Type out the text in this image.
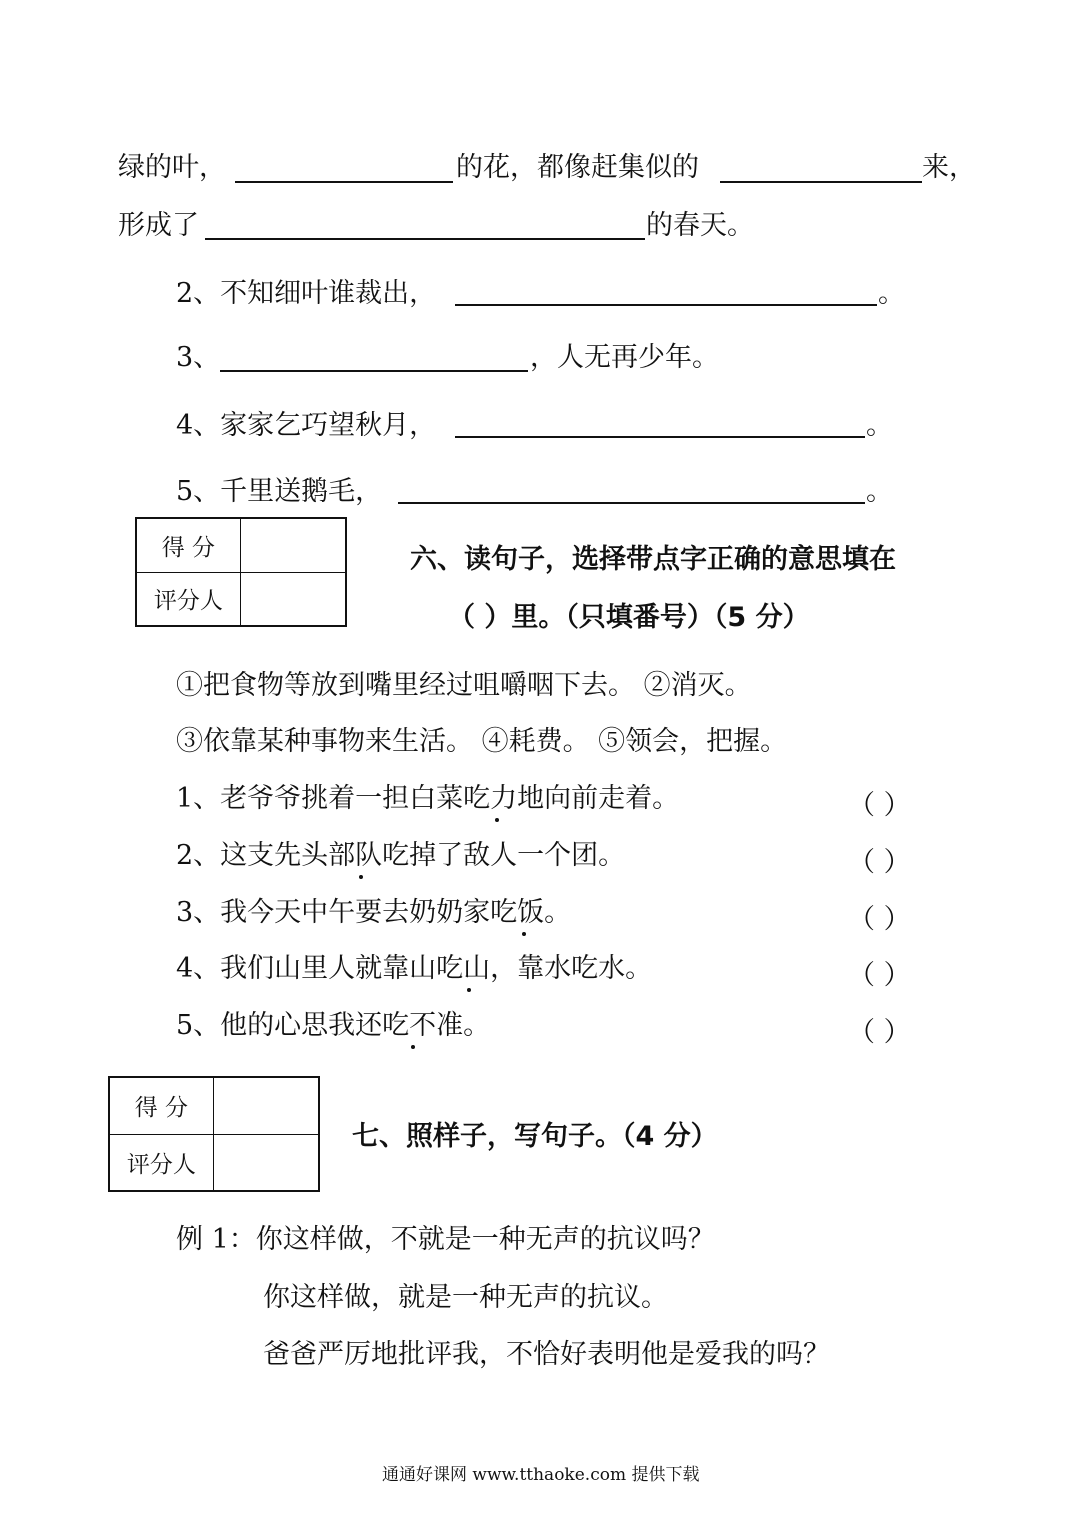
绿的叶，	的花，都像赶集似的	来，
形成了	的春天。
2、不知细叶谁裁出，	。
3、	，人无再少年。
4、家家乞巧望秋月，	。
5、千里送鹅毛，	。
得 分	
评分人	
六、读句子，选择带点字正确的意思填在
（ ）里。（只填番号）（5 分）
①把食物等放到嘴里经过咀嚼咽下去。 ②消灭。
③依靠某种事物来生活。 ④耗费。 ⑤领会，把握。
1、老爷爷挑着一担白菜吃力地向前走着。	（ ）
2、这支先头部队吃掉了敌人一个团。	（ ）
3、我今天中午要去奶奶家吃饭。	（ ）
4、我们山里人就靠山吃山，靠水吃水。	（ ）
5、他的心思我还吃不准。	（ ）
得 分	
评分人	
七、照样子，写句子。（4 分）
例 1：你这样做，不就是一种无声的抗议吗？
你这样做，就是一种无声的抗议。
爸爸严厉地批评我，不恰好表明他是爱我的吗？
通通好课网 www.tthaoke.com 提供下载
